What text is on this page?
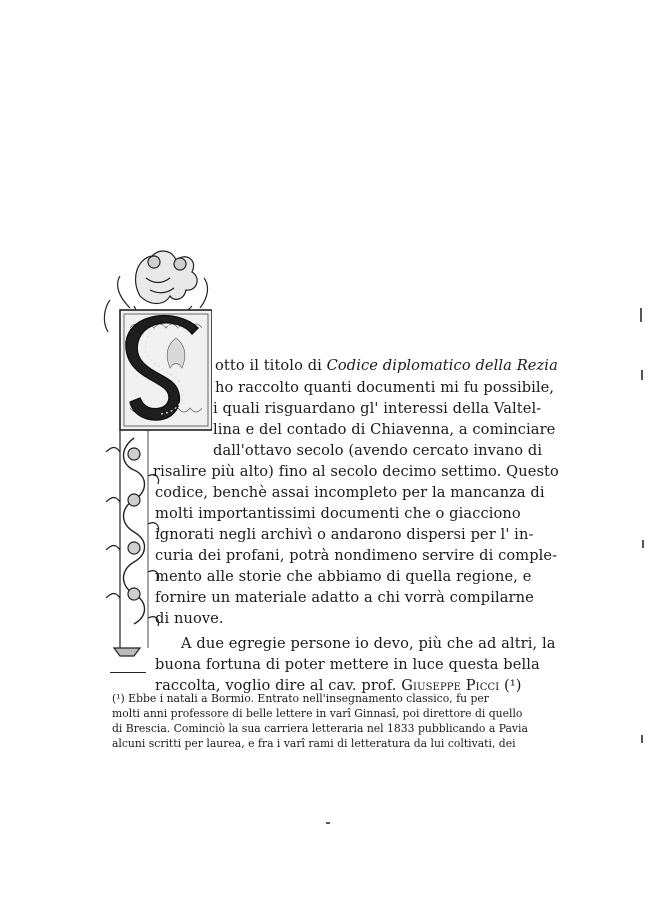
otto il titolo di Codice diplomatico della Rezia
ho raccolto quanti documenti mi fu possibile,
i quali risguardano gl' interessi della Valtel-
lina e del contado di Chiavenna, a cominciare
dall'ottavo secolo (avendo cercato invano di
risalire più alto) fino al secolo decimo settimo. Questo
codice, benchè assai incompleto per la mancanza di
molti importantissimi documenti che o giacciono
ignorati negli archivì o andarono dispersi per l' in-
curia dei profani, potrà nondimeno servire di comple-
mento alle storie che abbiamo di quella regione, e
fornire un materiale adatto a chi vorrà compilarne
di nuove.
A due egregie persone io devo, più che ad altri, la
buona fortuna di poter mettere in luce questa bella
raccolta, voglio dire al cav. prof. Giuseppe Picci (¹)
(¹) Ebbe i natali a Bormio. Entrato nell'insegnamento classico, fu per
molti anni professore di belle lettere in varî Ginnasî, poi direttore di quello
di Brescia. Cominciò la sua carriera letteraria nel 1833 pubblicando a Pavia
alcuni scritti per laurea, e fra i varî rami di letteratura da lui coltivati, dei
